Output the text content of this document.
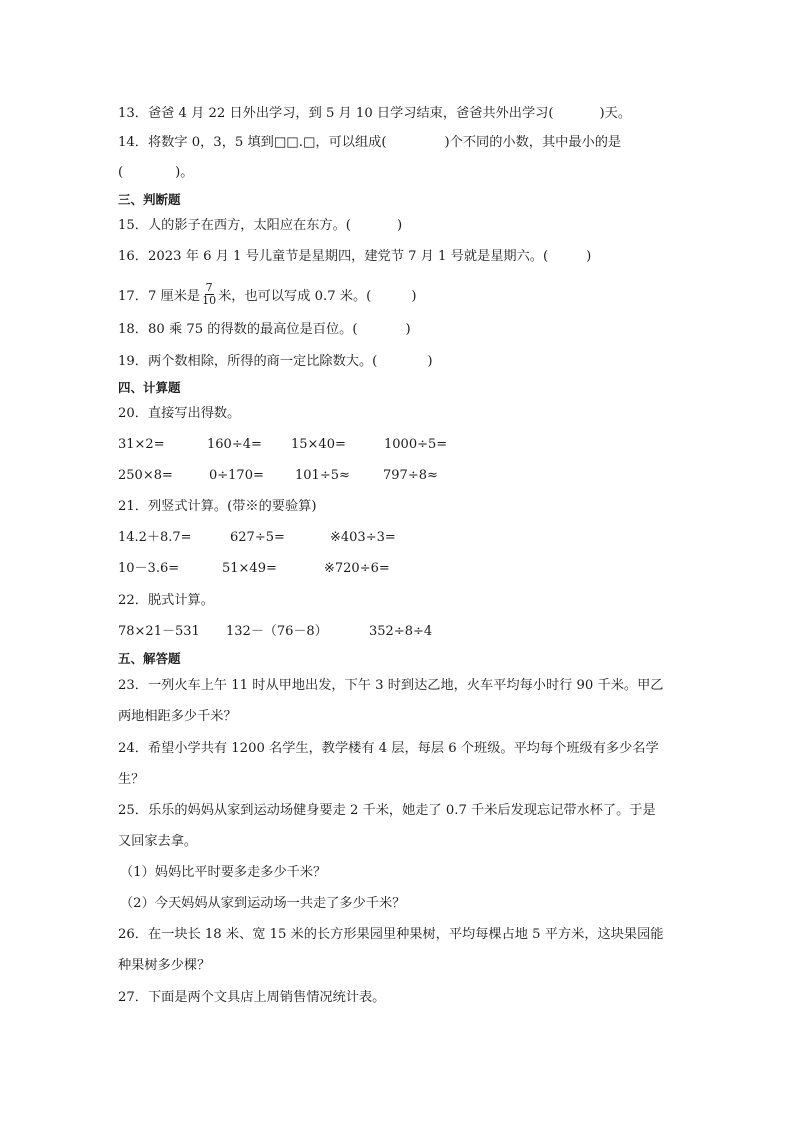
13．爸爸 4 月 22 日外出学习，到 5 月 10 日学习结束，爸爸共外出学习(	)天。
14．将数字 0，3，5 填到□□.□，可以组成(	)个不同的小数，其中最小的是
(	)。
三、判断题
15．人的影子在西方，太阳应在东方。(	)
16．2023 年 6 月 1 号儿童节是星期四，建党节 7 月 1 号就是星期六。(	)
17．7 厘米是 $\frac{7}{10}$ 米，也可以写成 0.7 米。(	)
18．80 乘 75 的得数的最高位是百位。(	)
19．两个数相除，所得的商一定比除数大。(	)
四、计算题
20．直接写出得数。
31×2=	160÷4= 15×40=	1000÷5=
250×8=	0÷170= 101÷5≈	797÷8≈
21．列竖式计算。(带※的要验算)
14.2＋8.7=	627÷5=	※403÷3=
10－3.6=	51×49=	※720÷6=
22．脱式计算。
78×21－531 132－（76－8）	352÷8÷4
五、解答题
23．一列火车上午 11 时从甲地出发，下午 3 时到达乙地，火车平均每小时行 90 千米。甲乙
两地相距多少千米？
24．希望小学共有 1200 名学生，教学楼有 4 层，每层 6 个班级。平均每个班级有多少名学
生？
25．乐乐的妈妈从家到运动场健身要走 2 千米，她走了 0.7 千米后发现忘记带水杯了。于是
又回家去拿。
（1）妈妈比平时要多走多少千米？
（2）今天妈妈从家到运动场一共走了多少千米？
26．在一块长 18 米、宽 15 米的长方形果园里种果树，平均每棵占地 5 平方米，这块果园能
种果树多少棵？
27．下面是两个文具店上周销售情况统计表。
